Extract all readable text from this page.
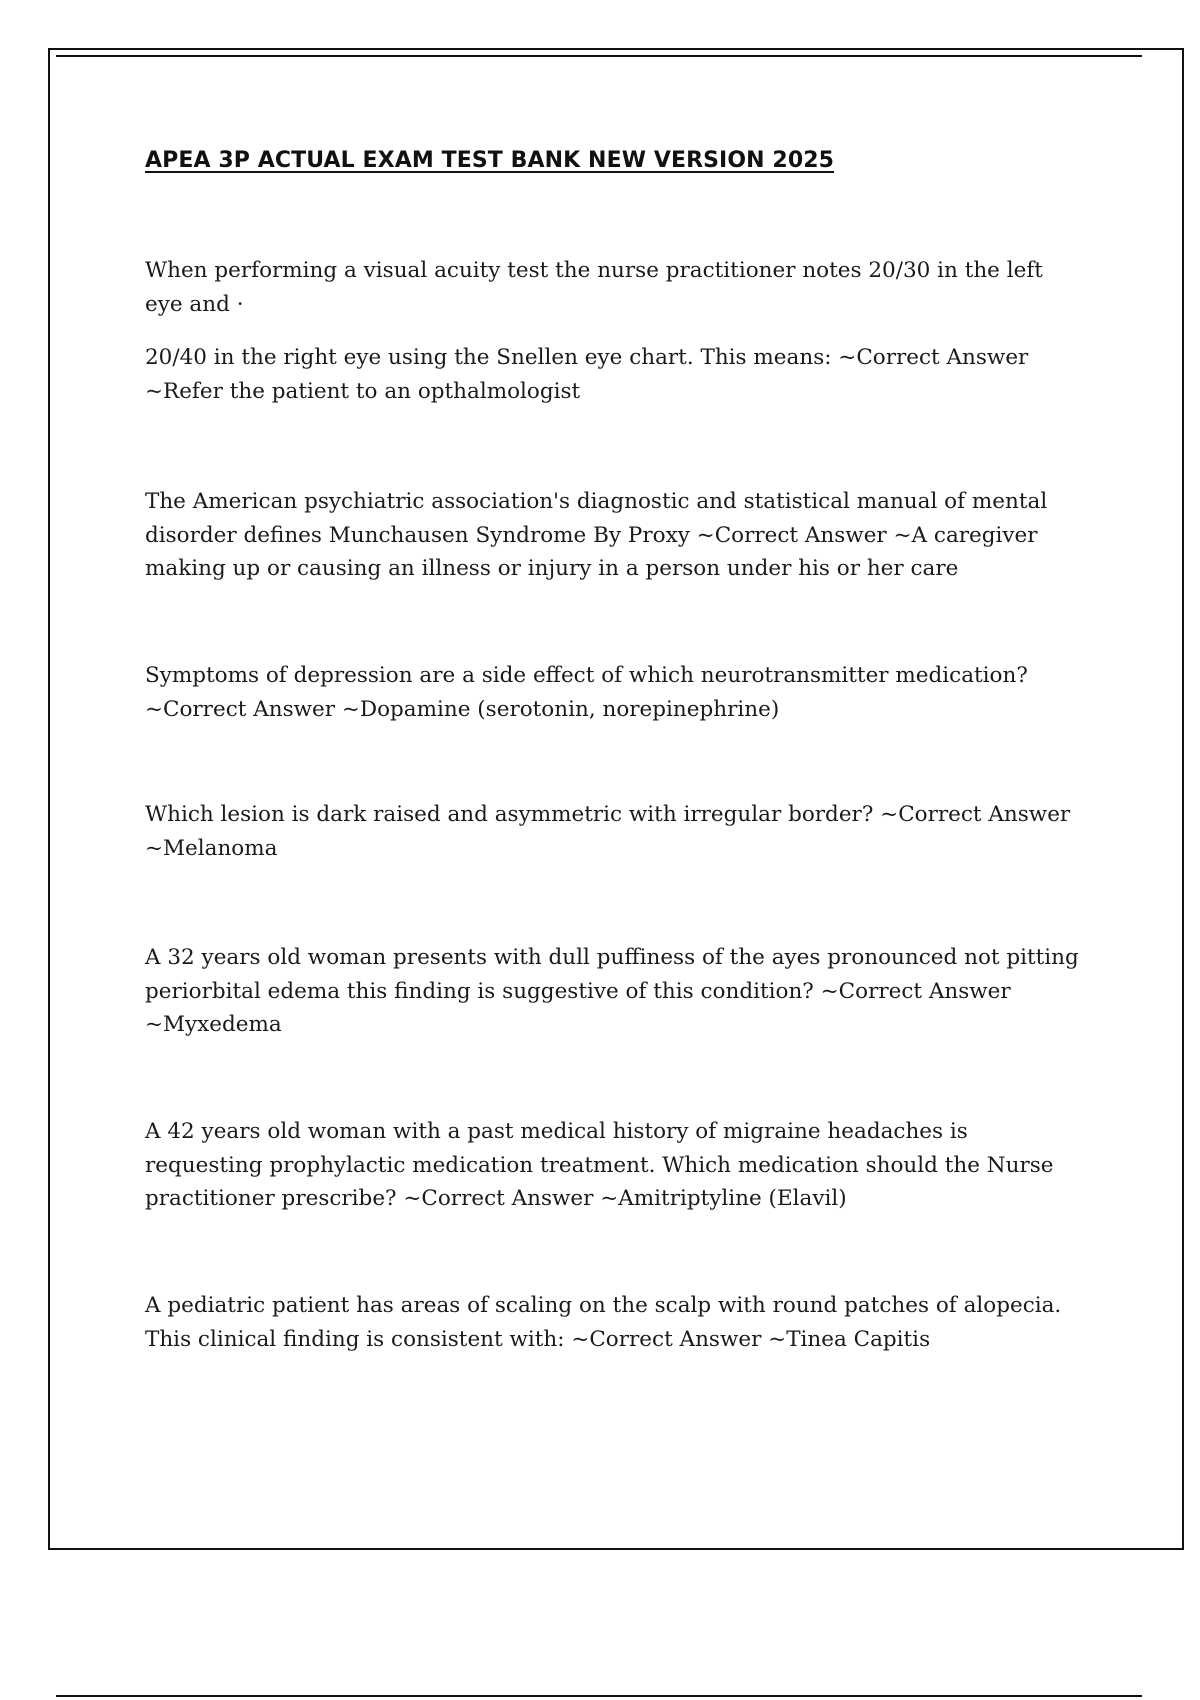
APEA 3P ACTUAL EXAM TEST BANK NEW VERSION 2025

When performing a visual acuity test the nurse practitioner notes 20/30 in the left eye and ·

20/40 in the right eye using the Snellen eye chart. This means: ~Correct Answer ~Refer the patient to an opthalmologist

The American psychiatric association's diagnostic and statistical manual of mental disorder defines Munchausen Syndrome By Proxy ~Correct Answer ~A caregiver making up or causing an illness or injury in a person under his or her care

Symptoms of depression are a side effect of which neurotransmitter medication? ~Correct Answer ~Dopamine (serotonin, norepinephrine)

Which lesion is dark raised and asymmetric with irregular border? ~Correct Answer ~Melanoma

A 32 years old woman presents with dull puffiness of the ayes pronounced not pitting periorbital edema this finding is suggestive of this condition? ~Correct Answer ~Myxedema

A 42 years old woman with a past medical history of migraine headaches is requesting prophylactic medication treatment. Which medication should the Nurse practitioner prescribe? ~Correct Answer ~Amitriptyline (Elavil)

A pediatric patient has areas of scaling on the scalp with round patches of alopecia. This clinical finding is consistent with: ~Correct Answer ~Tinea Capitis
